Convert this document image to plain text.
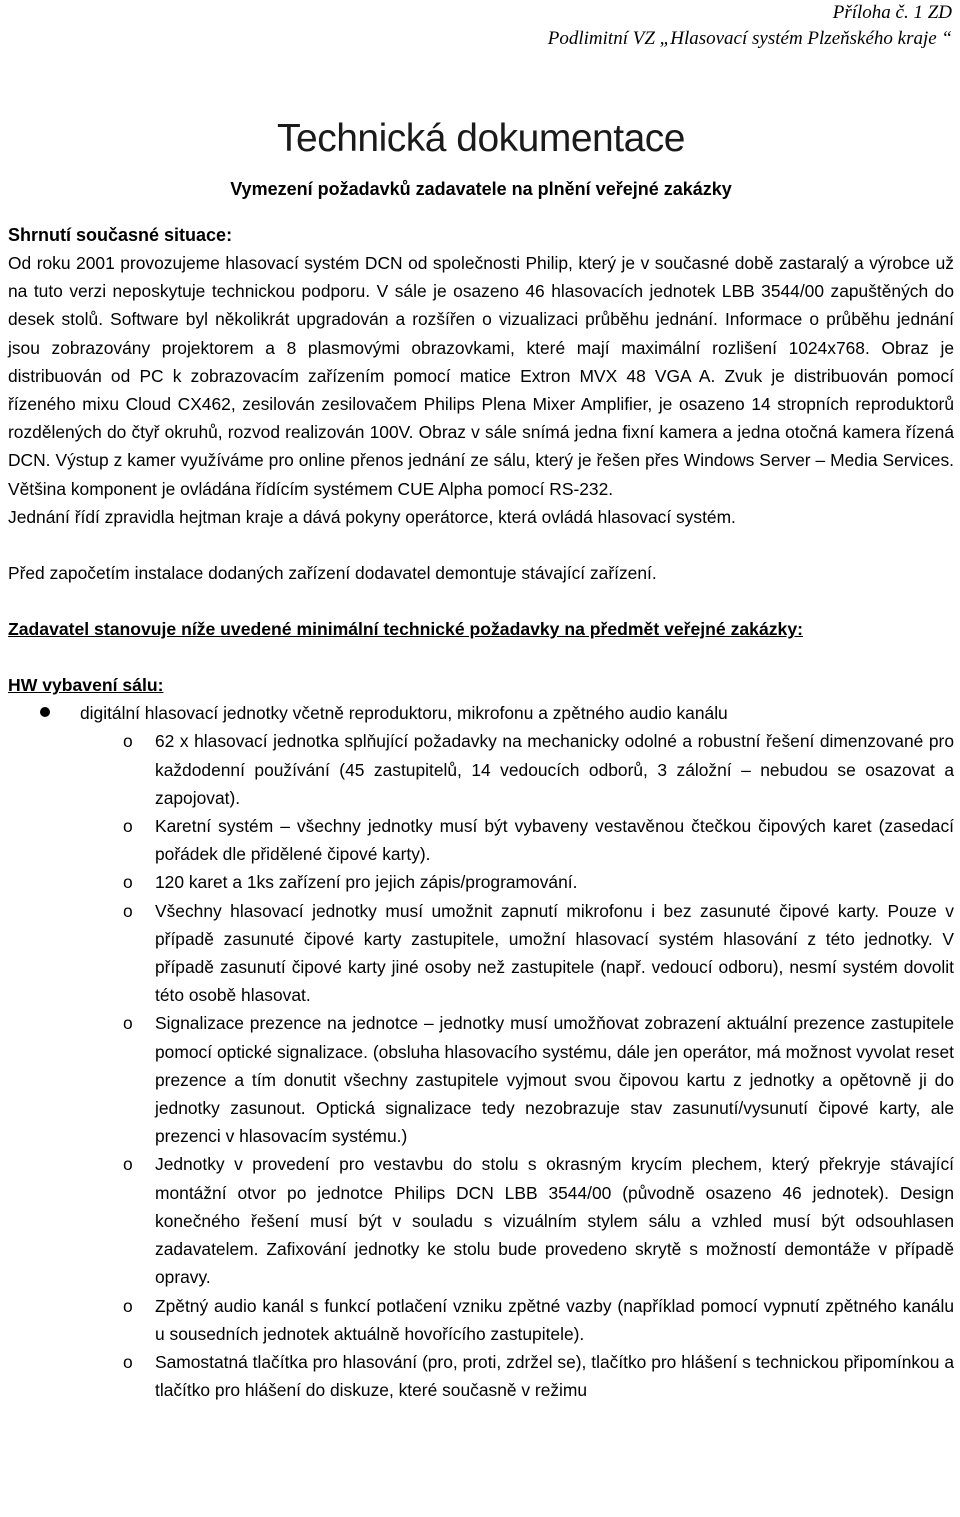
Příloha č. 1 ZD
Podlimitní VZ „Hlasovací systém Plzeňského kraje “
Technická dokumentace
Vymezení požadavků zadavatele na plnění veřejné zakázky
Shrnutí současné situace:

Od roku 2001 provozujeme hlasovací systém DCN od společnosti Philip, který je v současné době zastaralý a výrobce už na tuto verzi neposkytuje technickou podporu. V sále je osazeno 46 hlasovacích jednotek LBB 3544/00 zapuštěných do desek stolů. Software byl několikrát upgradován a rozšířen o vizualizaci průběhu jednání. Informace o průběhu jednání jsou zobrazovány projektorem a 8 plasmovými obrazovkami, které mají maximální rozlišení 1024x768. Obraz je distribuován od PC k zobrazovacím zařízením pomocí matice Extron MVX 48 VGA A. Zvuk je distribuován pomocí řízeného mixu Cloud CX462, zesilován zesilovačem Philips Plena Mixer Amplifier, je osazeno 14 stropních reproduktorů rozdělených do čtyř okruhů, rozvod realizován 100V. Obraz v sále snímá jedna fixní kamera a jedna otočná kamera řízená DCN. Výstup z kamer využíváme pro online přenos jednání ze sálu, který je řešen přes Windows Server – Media Services. Většina komponent je ovládána řídícím systémem CUE Alpha pomocí RS-232.

Jednání řídí zpravidla hejtman kraje a dává pokyny operátorce, která ovládá hlasovací systém.

Před započetím instalace dodaných zařízení dodavatel demontuje stávající zařízení.

Zadavatel stanovuje níže uvedené minimální technické požadavky na předmět veřejné zakázky:
HW vybavení sálu:
digitální hlasovací jednotky včetně reproduktoru, mikrofonu a zpětného audio kanálu
o 62 x hlasovací jednotka splňující požadavky na mechanicky odolné a robustní řešení dimenzované pro každodenní používání (45 zastupitelů, 14 vedoucích odborů, 3 záložní – nebudou se osazovat a zapojovat).
o Karetní systém – všechny jednotky musí být vybaveny vestavěnou čtečkou čipových karet (zasedací pořádek dle přidělené čipové karty).
o 120 karet a 1ks zařízení pro jejich zápis/programování.
o Všechny hlasovací jednotky musí umožnit zapnutí mikrofonu i bez zasunuté čipové karty. Pouze v případě zasunuté čipové karty zastupitele, umožní hlasovací systém hlasování z této jednotky. V případě zasunutí čipové karty jiné osoby než zastupitele (např. vedoucí odboru), nesmí systém dovolit této osobě hlasovat.
o Signalizace prezence na jednotce – jednotky musí umožňovat zobrazení aktuální prezence zastupitele pomocí optické signalizace. (obsluha hlasovacího systému, dále jen operátor, má možnost vyvolat reset prezence a tím donutit všechny zastupitele vyjmout svou čipovou kartu z jednotky a opětovně ji do jednotky zasunout. Optická signalizace tedy nezobrazuje stav zasunutí/vysunutí čipové karty, ale prezenci v hlasovacím systému.)
o Jednotky v provedení pro vestavbu do stolu s okrasným krycím plechem, který překryje stávající montážní otvor po jednotce Philips DCN LBB 3544/00 (původně osazeno 46 jednotek). Design konečného řešení musí být v souladu s vizuálním stylem sálu a vzhled musí být odsouhlasen zadavatelem. Zafixování jednotky ke stolu bude provedeno skrytě s možností demontáže v případě opravy.
o Zpětný audio kanál s funkcí potlačení vzniku zpětné vazby (například pomocí vypnutí zpětného kanálu u sousedních jednotek aktuálně hovořícího zastupitele).
o Samostatná tlačítka pro hlasování (pro, proti, zdržel se), tlačítko pro hlášení s technickou připomínkou a tlačítko pro hlášení do diskuze, které současně v režimu
